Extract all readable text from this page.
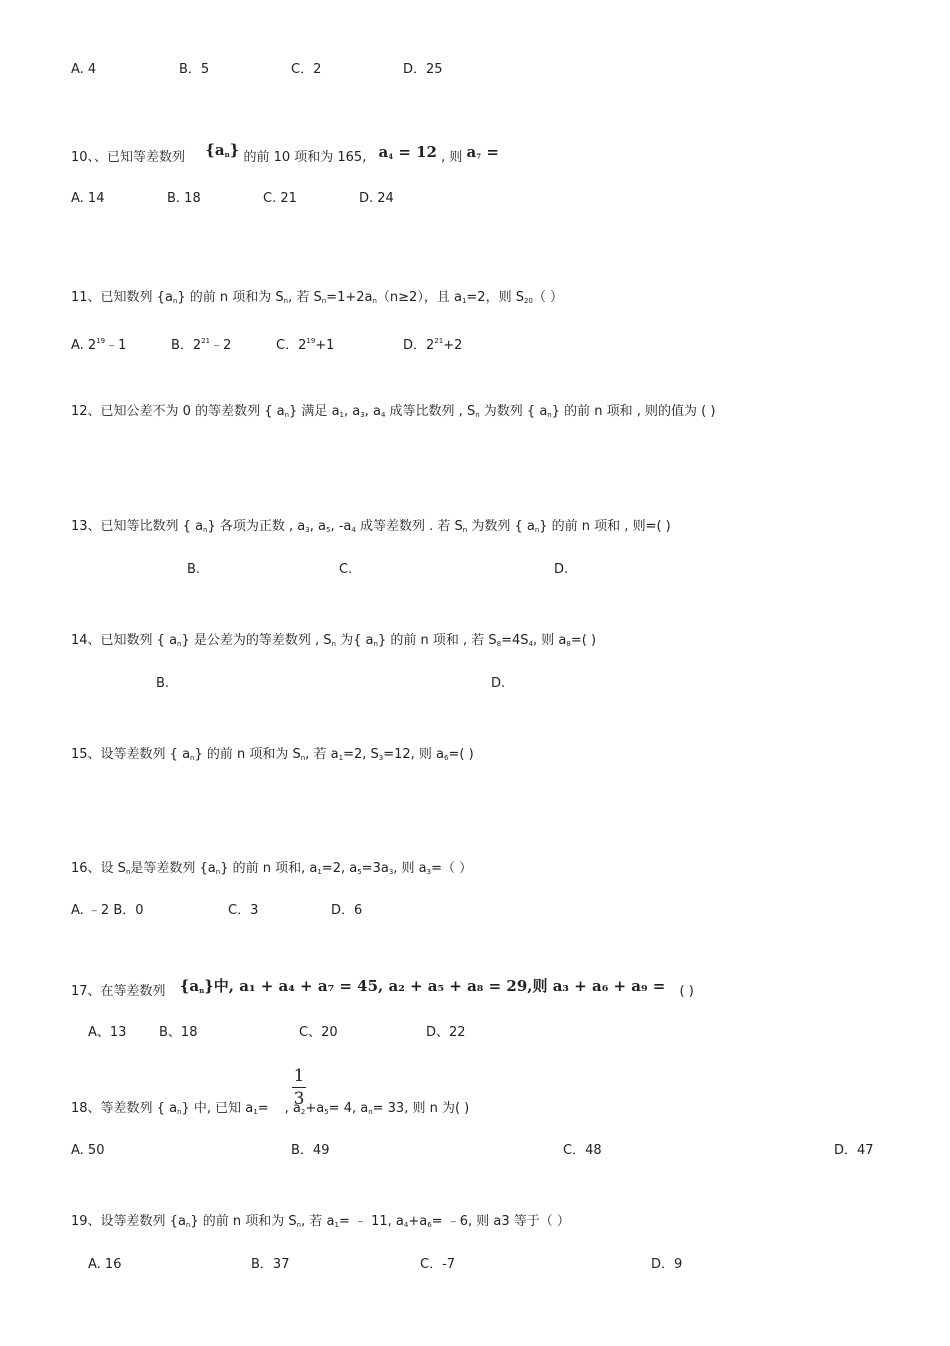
A. 4	B．5	C．2	D．25
10、、已知等差数列 $\{a_n\}$ 的前 10 项和为 165, $a_4 = 12$ , 则 $a_7$ =
A. 14	B. 18	C. 21	D. 24
11、已知数列 $\{a_n\}$ 的前 n 项和为 $S_n$, 若 $S_n=1+2a_n(n\ge 2)$，且 $a_1=2$，则 $S_{20}$（ ）
A. $2^{19}﹣1$	B．$2^{21}﹣2$	C．$2^{19}+1$	D．$2^{21}+2$
12、已知公差不为 0 的等差数列 { $a_n$} 满足 $a_1$, $a_3$, $a_4$ 成等比数列 , $S_n$ 为数列 { $a_n$} 的前 n 项和 , 则的值为 ( )
13、已知等比数列 { $a_n$} 各项为正数 , $a_3$, $a_5$, $-a_4$ 成等差数列 . 若 $S_n$ 为数列 { $a_n$} 的前 n 项和 , 则=( )
B.	C.	D.
14、已知数列 { $a_n$} 是公差为的等差数列 , $S_n$ 为{ $a_n$} 的前 n 项和 , 若 $S_8=4S_4$, 则 $a_8=$( )
B.	D.
15、设等差数列 { $a_n$} 的前 n 项和为 $S_n$, 若 $a_1=2$, $S_3=12$, 则 $a_6=$( )
16、设 $S_n$是等差数列 $\{a_n\}$ 的前 n 项和, $a_1=2$, $a_5=3a_3$, 则 $a_3=$（ ）
A. ﹣2 B．0	C．3	D．6
17、在等差数列 $\{a_n\}$中, a₁ + a₄ + a₇ = 45, a₂ + a₅ + a₈ = 29,则 a₃ + a₆ + a₉ = ( )
A、13	B、18	C、20	D、22
1
3
18、等差数列 { $a_n$} 中, 已知 $a_1=$ , $a_2+a_5= 4$, $a_n= 33$, 则 n 为( )
A. 50	B．49	C．48	D．47
19、设等差数列 $\{a_n\}$ 的前 n 项和为 $S_n$, 若 $a_1=$ ﹣ 11, $a_4+a_6=$ ﹣6, 则 a3 等于（ ）
A. 16	B．37	C．-7	D．9
